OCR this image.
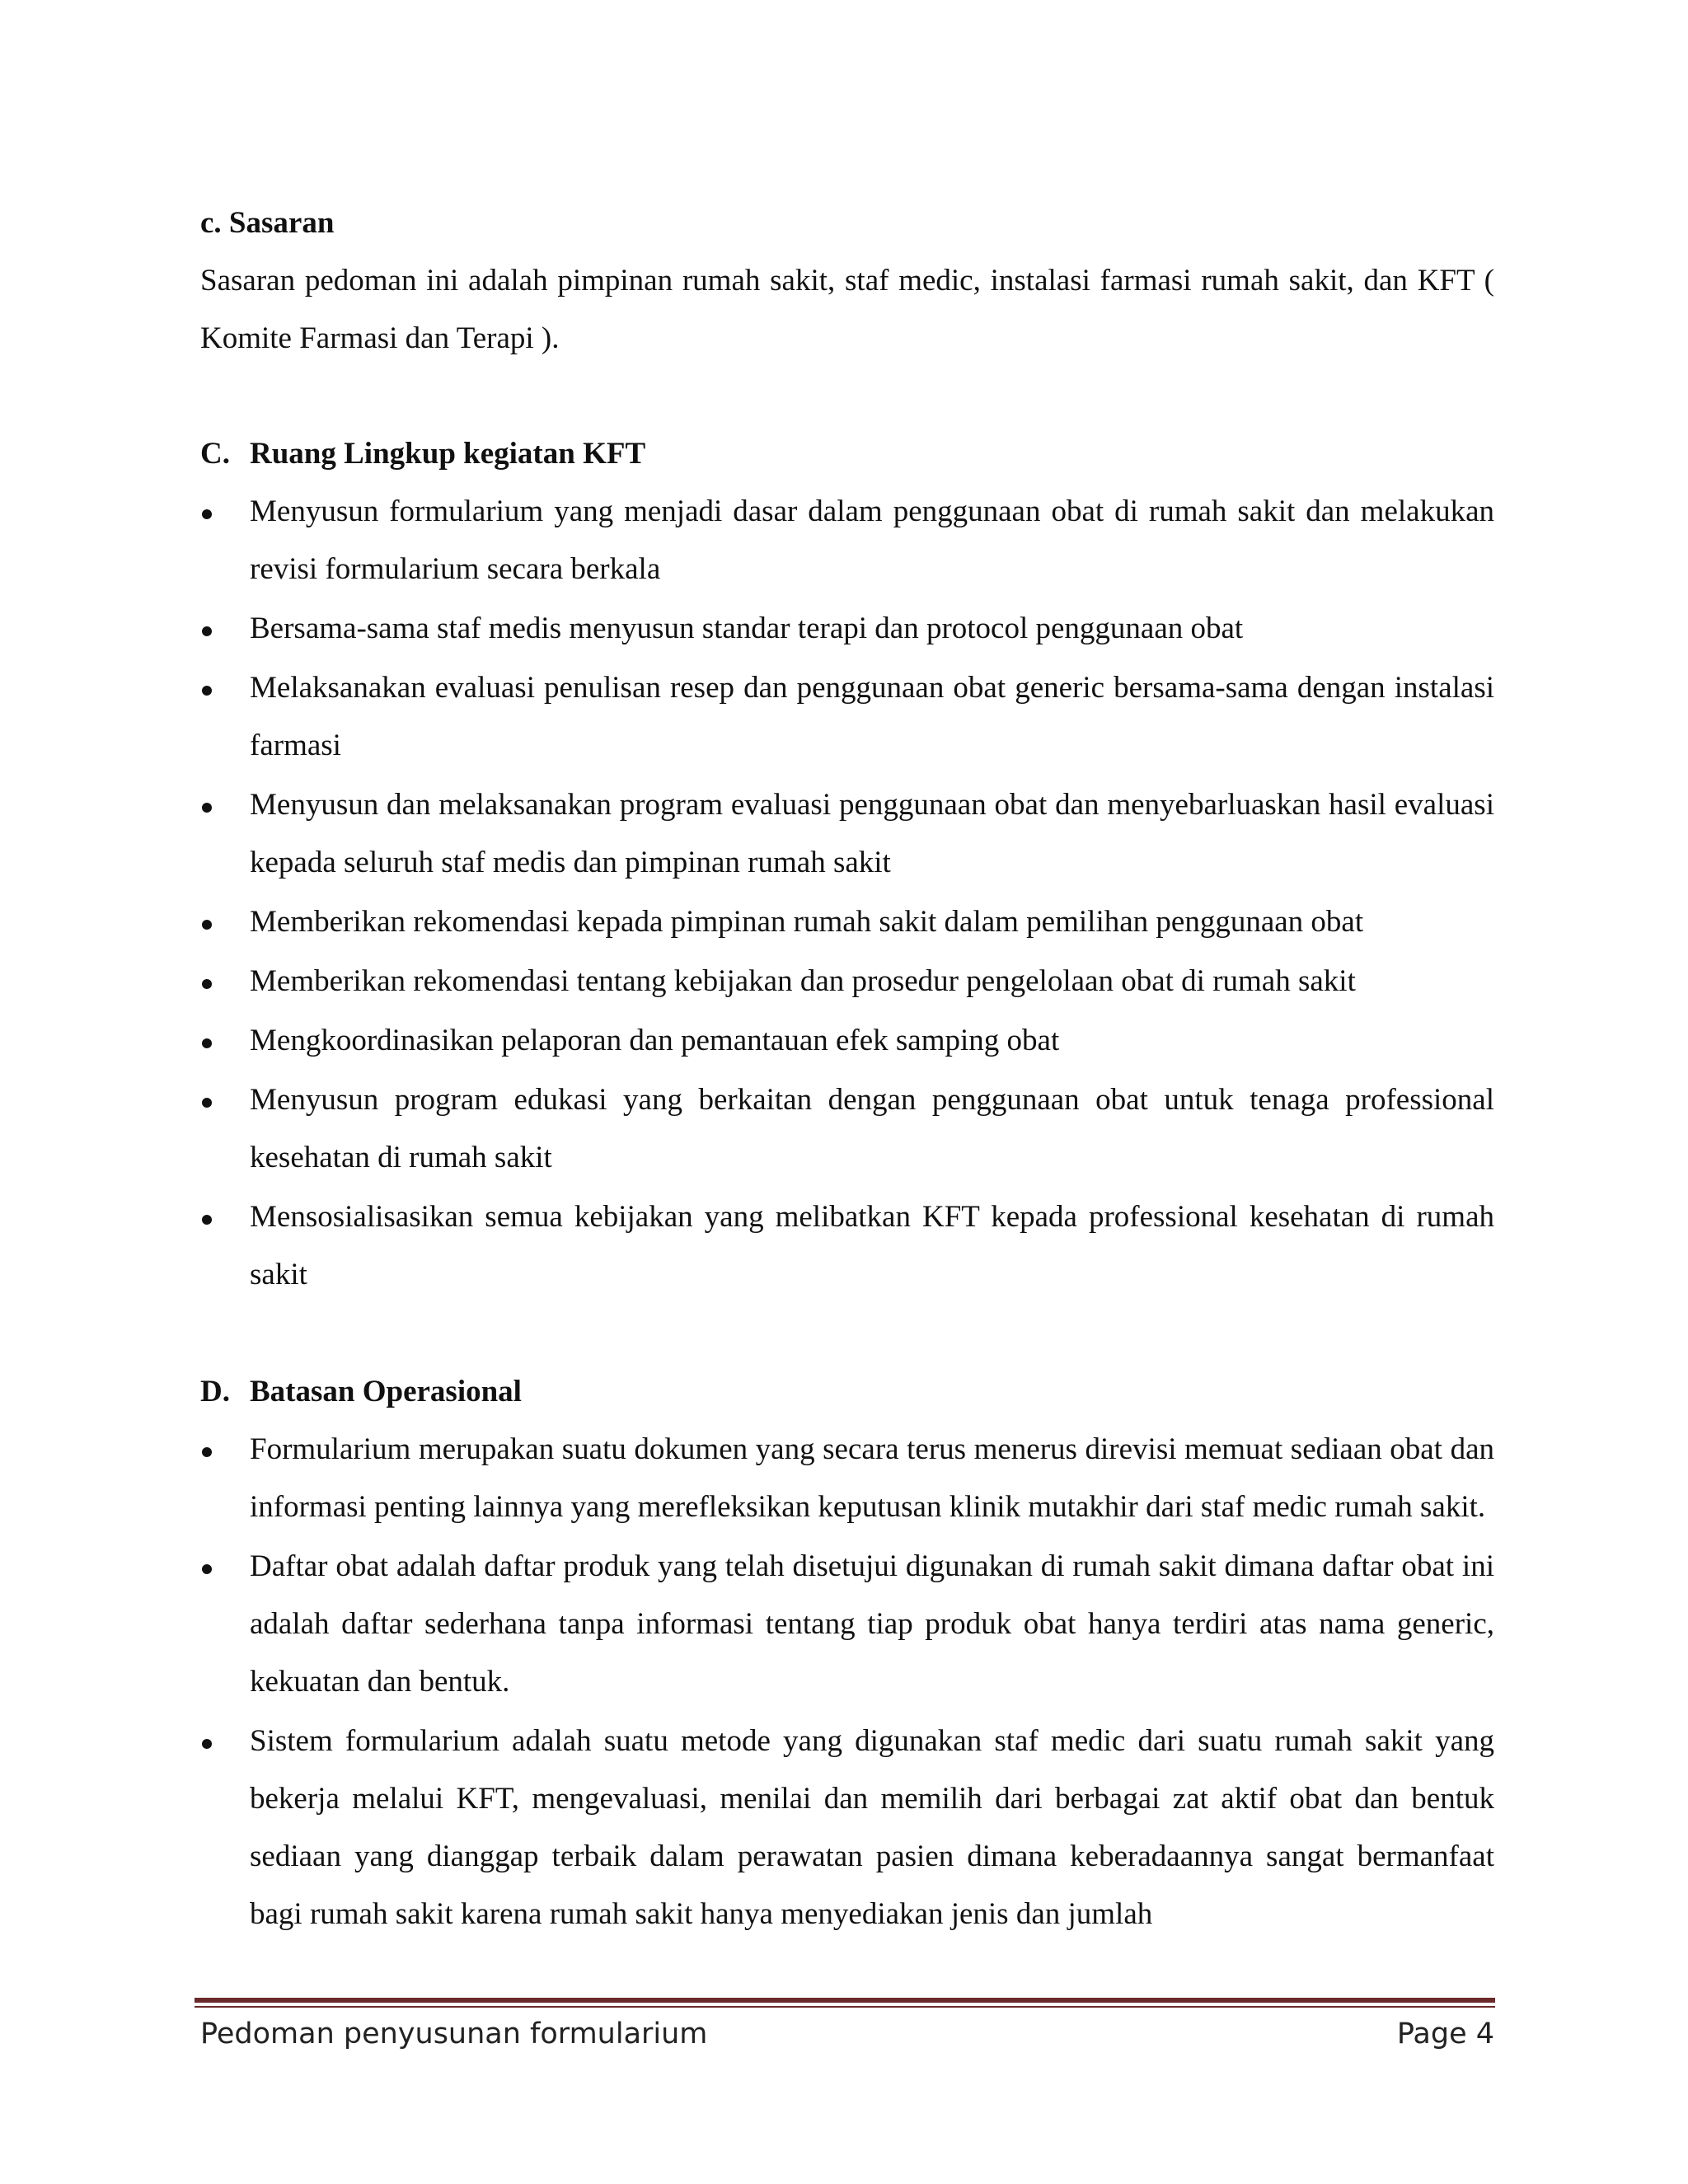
c. Sasaran

Sasaran pedoman ini adalah pimpinan rumah sakit, staf medic, instalasi farmasi rumah sakit, dan KFT ( Komite Farmasi dan Terapi ).

C. Ruang Lingkup kegiatan KFT
Menyusun formularium yang menjadi dasar dalam penggunaan obat di rumah sakit dan melakukan revisi formularium secara berkala
Bersama-sama staf medis menyusun standar terapi dan protocol penggunaan obat
Melaksanakan evaluasi penulisan resep dan penggunaan obat generic bersama-sama dengan instalasi farmasi
Menyusun dan melaksanakan program evaluasi penggunaan obat dan menyebarluaskan hasil evaluasi kepada seluruh staf medis dan pimpinan rumah sakit
Memberikan rekomendasi kepada pimpinan rumah sakit dalam pemilihan penggunaan obat
Memberikan rekomendasi tentang kebijakan dan prosedur pengelolaan obat di rumah sakit
Mengkoordinasikan pelaporan dan pemantauan efek samping obat
Menyusun program edukasi yang berkaitan dengan penggunaan obat untuk tenaga professional kesehatan di rumah sakit
Mensosialisasikan semua kebijakan yang melibatkan KFT kepada professional kesehatan di rumah sakit
D. Batasan Operasional
Formularium merupakan suatu dokumen yang secara terus menerus direvisi memuat sediaan obat dan informasi penting lainnya yang merefleksikan keputusan klinik mutakhir dari staf medic rumah sakit.
Daftar obat adalah daftar produk yang telah disetujui digunakan di rumah sakit dimana daftar obat ini adalah daftar sederhana tanpa informasi tentang tiap produk obat hanya terdiri atas nama generic, kekuatan dan bentuk.
Sistem formularium adalah suatu metode yang digunakan staf medic dari suatu rumah sakit yang bekerja melalui KFT, mengevaluasi, menilai dan memilih dari berbagai zat aktif obat dan bentuk sediaan yang dianggap terbaik dalam perawatan pasien dimana keberadaannya sangat bermanfaat bagi rumah sakit karena rumah sakit hanya menyediakan jenis dan jumlah
Pedoman penyusunan formularium	Page 4
